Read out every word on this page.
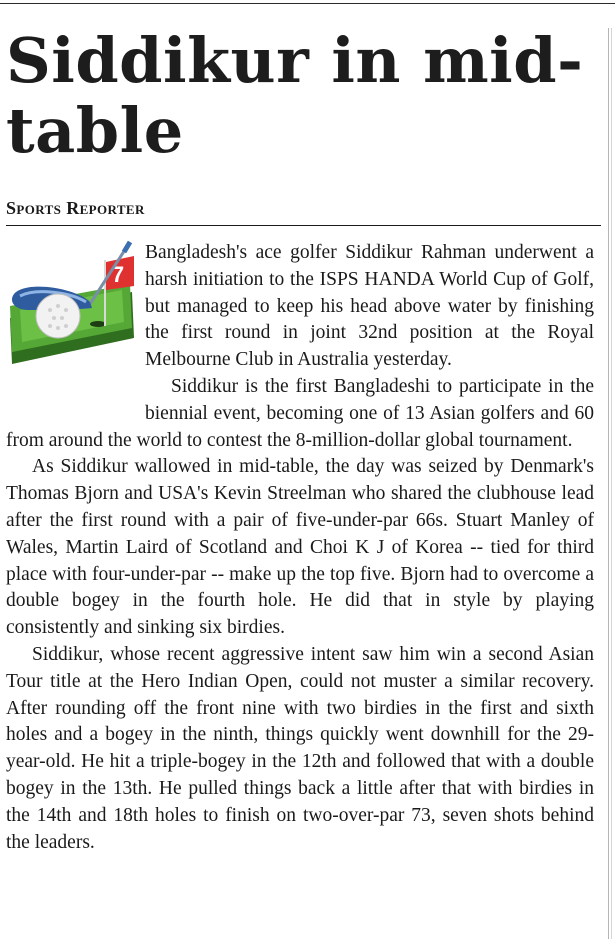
Siddikur in mid-table
Sports Reporter
7

Bangladesh's ace golfer Siddikur Rahman underwent a harsh initiation to the ISPS HANDA World Cup of Golf, but managed to keep his head above water by finishing the first round in joint 32nd position at the Royal Melbourne Club in Australia yesterday.

Siddikur is the first Bangladeshi to participate in the biennial event, becoming one of 13 Asian golfers and 60 from around the world to contest the 8-million-dollar global tournament.

As Siddikur wallowed in mid-table, the day was seized by Denmark's Thomas Bjorn and USA's Kevin Streelman who shared the clubhouse lead after the first round with a pair of five-under-par 66s. Stuart Manley of Wales, Martin Laird of Scotland and Choi K J of Korea -- tied for third place with four-under-par -- make up the top five. Bjorn had to overcome a double bogey in the fourth hole. He did that in style by playing consistently and sinking six birdies.

Siddikur, whose recent aggressive intent saw him win a second Asian Tour title at the Hero Indian Open, could not muster a similar recovery. After rounding off the front nine with two birdies in the first and sixth holes and a bogey in the ninth, things quickly went downhill for the 29-year-old. He hit a triple-bogey in the 12th and followed that with a double bogey in the 13th. He pulled things back a little after that with birdies in the 14th and 18th holes to finish on two-over-par 73, seven shots behind the leaders.
